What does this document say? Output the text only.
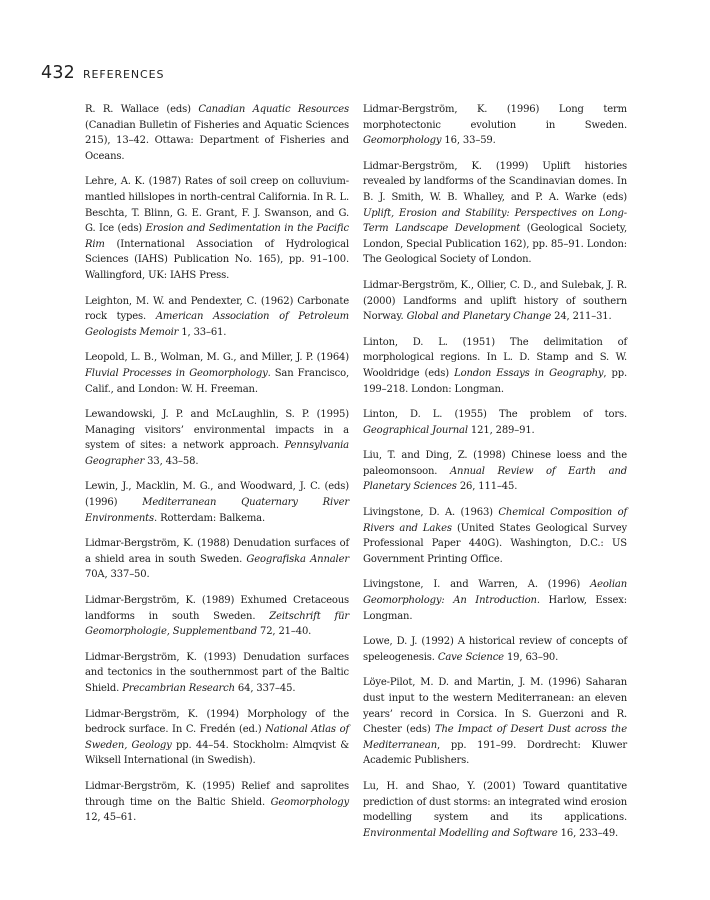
432 REFERENCES

R. R. Wallace (eds) Canadian Aquatic Resources (Canadian Bulletin of Fisheries and Aquatic Sciences 215), 13–42. Ottawa: Department of Fisheries and Oceans.

Lehre, A. K. (1987) Rates of soil creep on colluvium-mantled hillslopes in north-central California. In R. L. Beschta, T. Blinn, G. E. Grant, F. J. Swanson, and G. G. Ice (eds) Erosion and Sedimentation in the Pacific Rim (International Association of Hydrological Sciences (IAHS) Publication No. 165), pp. 91–100. Wallingford, UK: IAHS Press.

Leighton, M. W. and Pendexter, C. (1962) Carbonate rock types. American Association of Petroleum Geologists Memoir 1, 33–61.

Leopold, L. B., Wolman, M. G., and Miller, J. P. (1964) Fluvial Processes in Geomorphology. San Francisco, Calif., and London: W. H. Freeman.

Lewandowski, J. P. and McLaughlin, S. P. (1995) Managing visitors’ environmental impacts in a system of sites: a network approach. Pennsylvania Geographer 33, 43–58.

Lewin, J., Macklin, M. G., and Woodward, J. C. (eds) (1996) Mediterranean Quaternary River Environments. Rotterdam: Balkema.

Lidmar-Bergström, K. (1988) Denudation surfaces of a shield area in south Sweden. Geografiska Annaler 70A, 337–50.

Lidmar-Bergström, K. (1989) Exhumed Cretaceous landforms in south Sweden. Zeitschrift für Geomorphologie, Supplementband 72, 21–40.

Lidmar-Bergström, K. (1993) Denudation surfaces and tectonics in the southernmost part of the Baltic Shield. Precambrian Research 64, 337–45.

Lidmar-Bergström, K. (1994) Morphology of the bedrock surface. In C. Fredén (ed.) National Atlas of Sweden, Geology pp. 44–54. Stockholm: Almqvist & Wiksell International (in Swedish).

Lidmar-Bergström, K. (1995) Relief and saprolites through time on the Baltic Shield. Geomorphology 12, 45–61.

Lidmar-Bergström, K. (1996) Long term morphotectonic evolution in Sweden. Geomorphology 16, 33–59.

Lidmar-Bergström, K. (1999) Uplift histories revealed by landforms of the Scandinavian domes. In B. J. Smith, W. B. Whalley, and P. A. Warke (eds) Uplift, Erosion and Stability: Perspectives on Long-Term Landscape Development (Geological Society, London, Special Publication 162), pp. 85–91. London: The Geological Society of London.

Lidmar-Bergström, K., Ollier, C. D., and Sulebak, J. R. (2000) Landforms and uplift history of southern Norway. Global and Planetary Change 24, 211–31.

Linton, D. L. (1951) The delimitation of morphological regions. In L. D. Stamp and S. W. Wooldridge (eds) London Essays in Geography, pp. 199–218. London: Longman.

Linton, D. L. (1955) The problem of tors. Geographical Journal 121, 289–91.

Liu, T. and Ding, Z. (1998) Chinese loess and the paleomonsoon. Annual Review of Earth and Planetary Sciences 26, 111–45.

Livingstone, D. A. (1963) Chemical Composition of Rivers and Lakes (United States Geological Survey Professional Paper 440G). Washington, D.C.: US Government Printing Office.

Livingstone, I. and Warren, A. (1996) Aeolian Geomorphology: An Introduction. Harlow, Essex: Longman.

Lowe, D. J. (1992) A historical review of concepts of speleogenesis. Cave Science 19, 63–90.

Löye-Pilot, M. D. and Martin, J. M. (1996) Saharan dust input to the western Mediterranean: an eleven years’ record in Corsica. In S. Guerzoni and R. Chester (eds) The Impact of Desert Dust across the Mediterranean, pp. 191–99. Dordrecht: Kluwer Academic Publishers.

Lu, H. and Shao, Y. (2001) Toward quantitative prediction of dust storms: an integrated wind erosion modelling system and its applications. Environmental Modelling and Software 16, 233–49.
